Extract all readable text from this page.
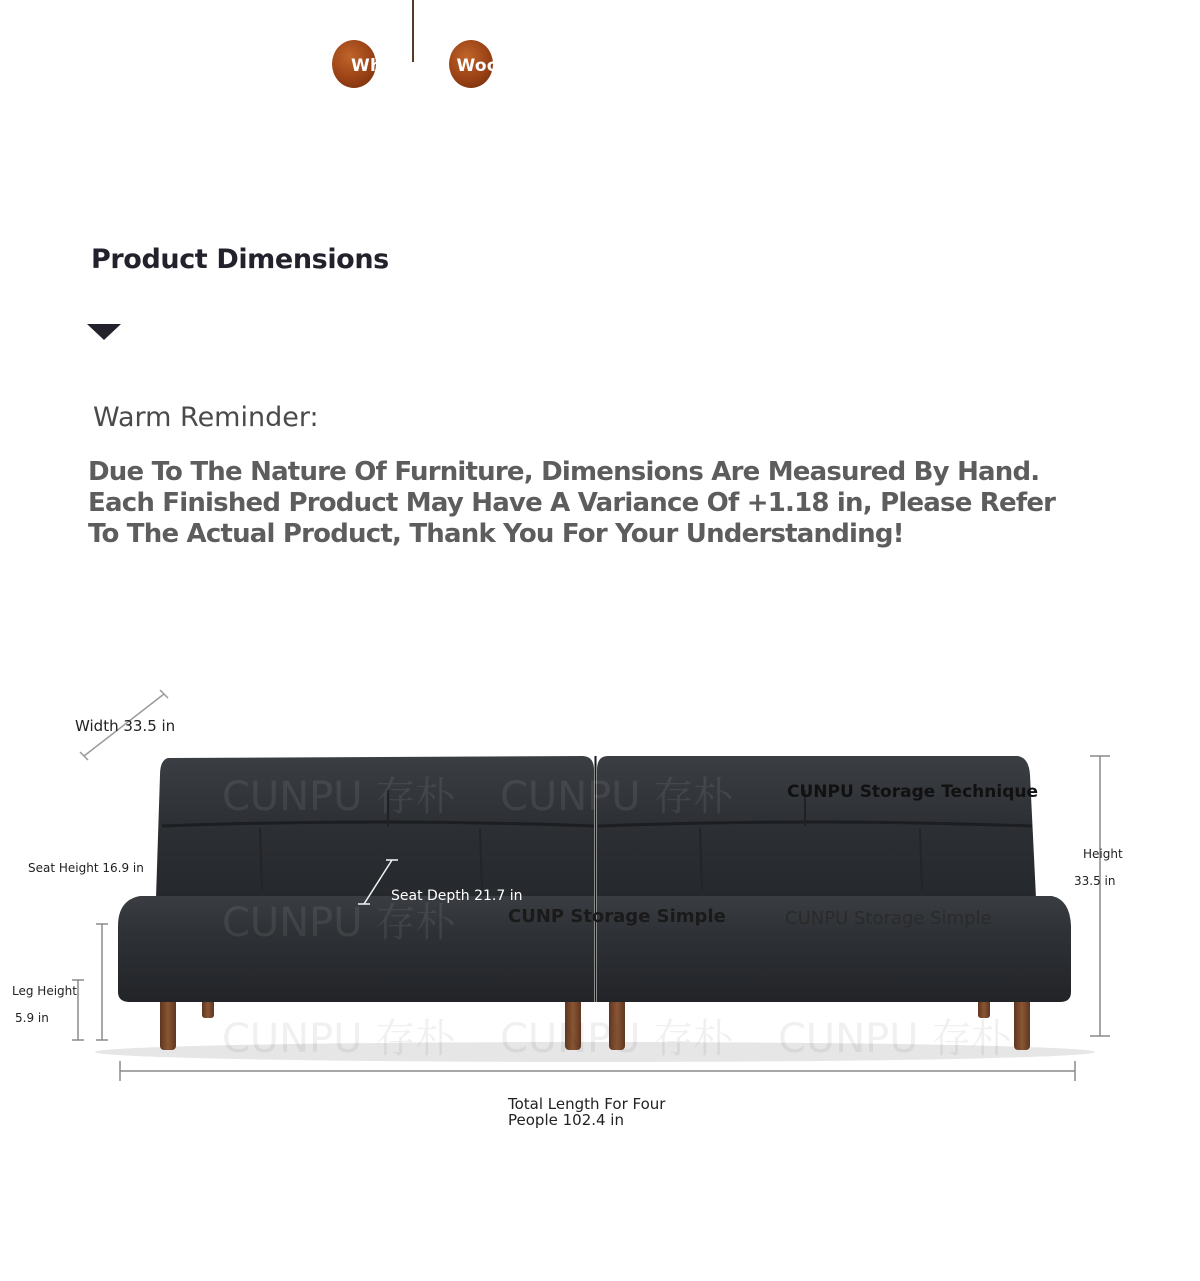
White Ash Wood
Product Dimensions
Warm Reminder:
Due To The Nature Of Furniture, Dimensions Are Measured By Hand.
Each Finished Product May Have A Variance Of +1.18 in, Please Refer
To The Actual Product, Thank You For Your Understanding!
CUNPU 存朴 CUNPU 存朴
CUNPU 存朴
CUNPU 存朴 CUNPU 存朴 CUNPU 存朴
Width 33.5 in
Seat Height 16.9 in
Seat Depth 21.7 in
Leg Height
5.9 in
Height
33.5 in
CUNPU Storage Technique
CUNP Storage Simple	CUNPU Storage Simple
Total Length For Four
People 102.4 in
